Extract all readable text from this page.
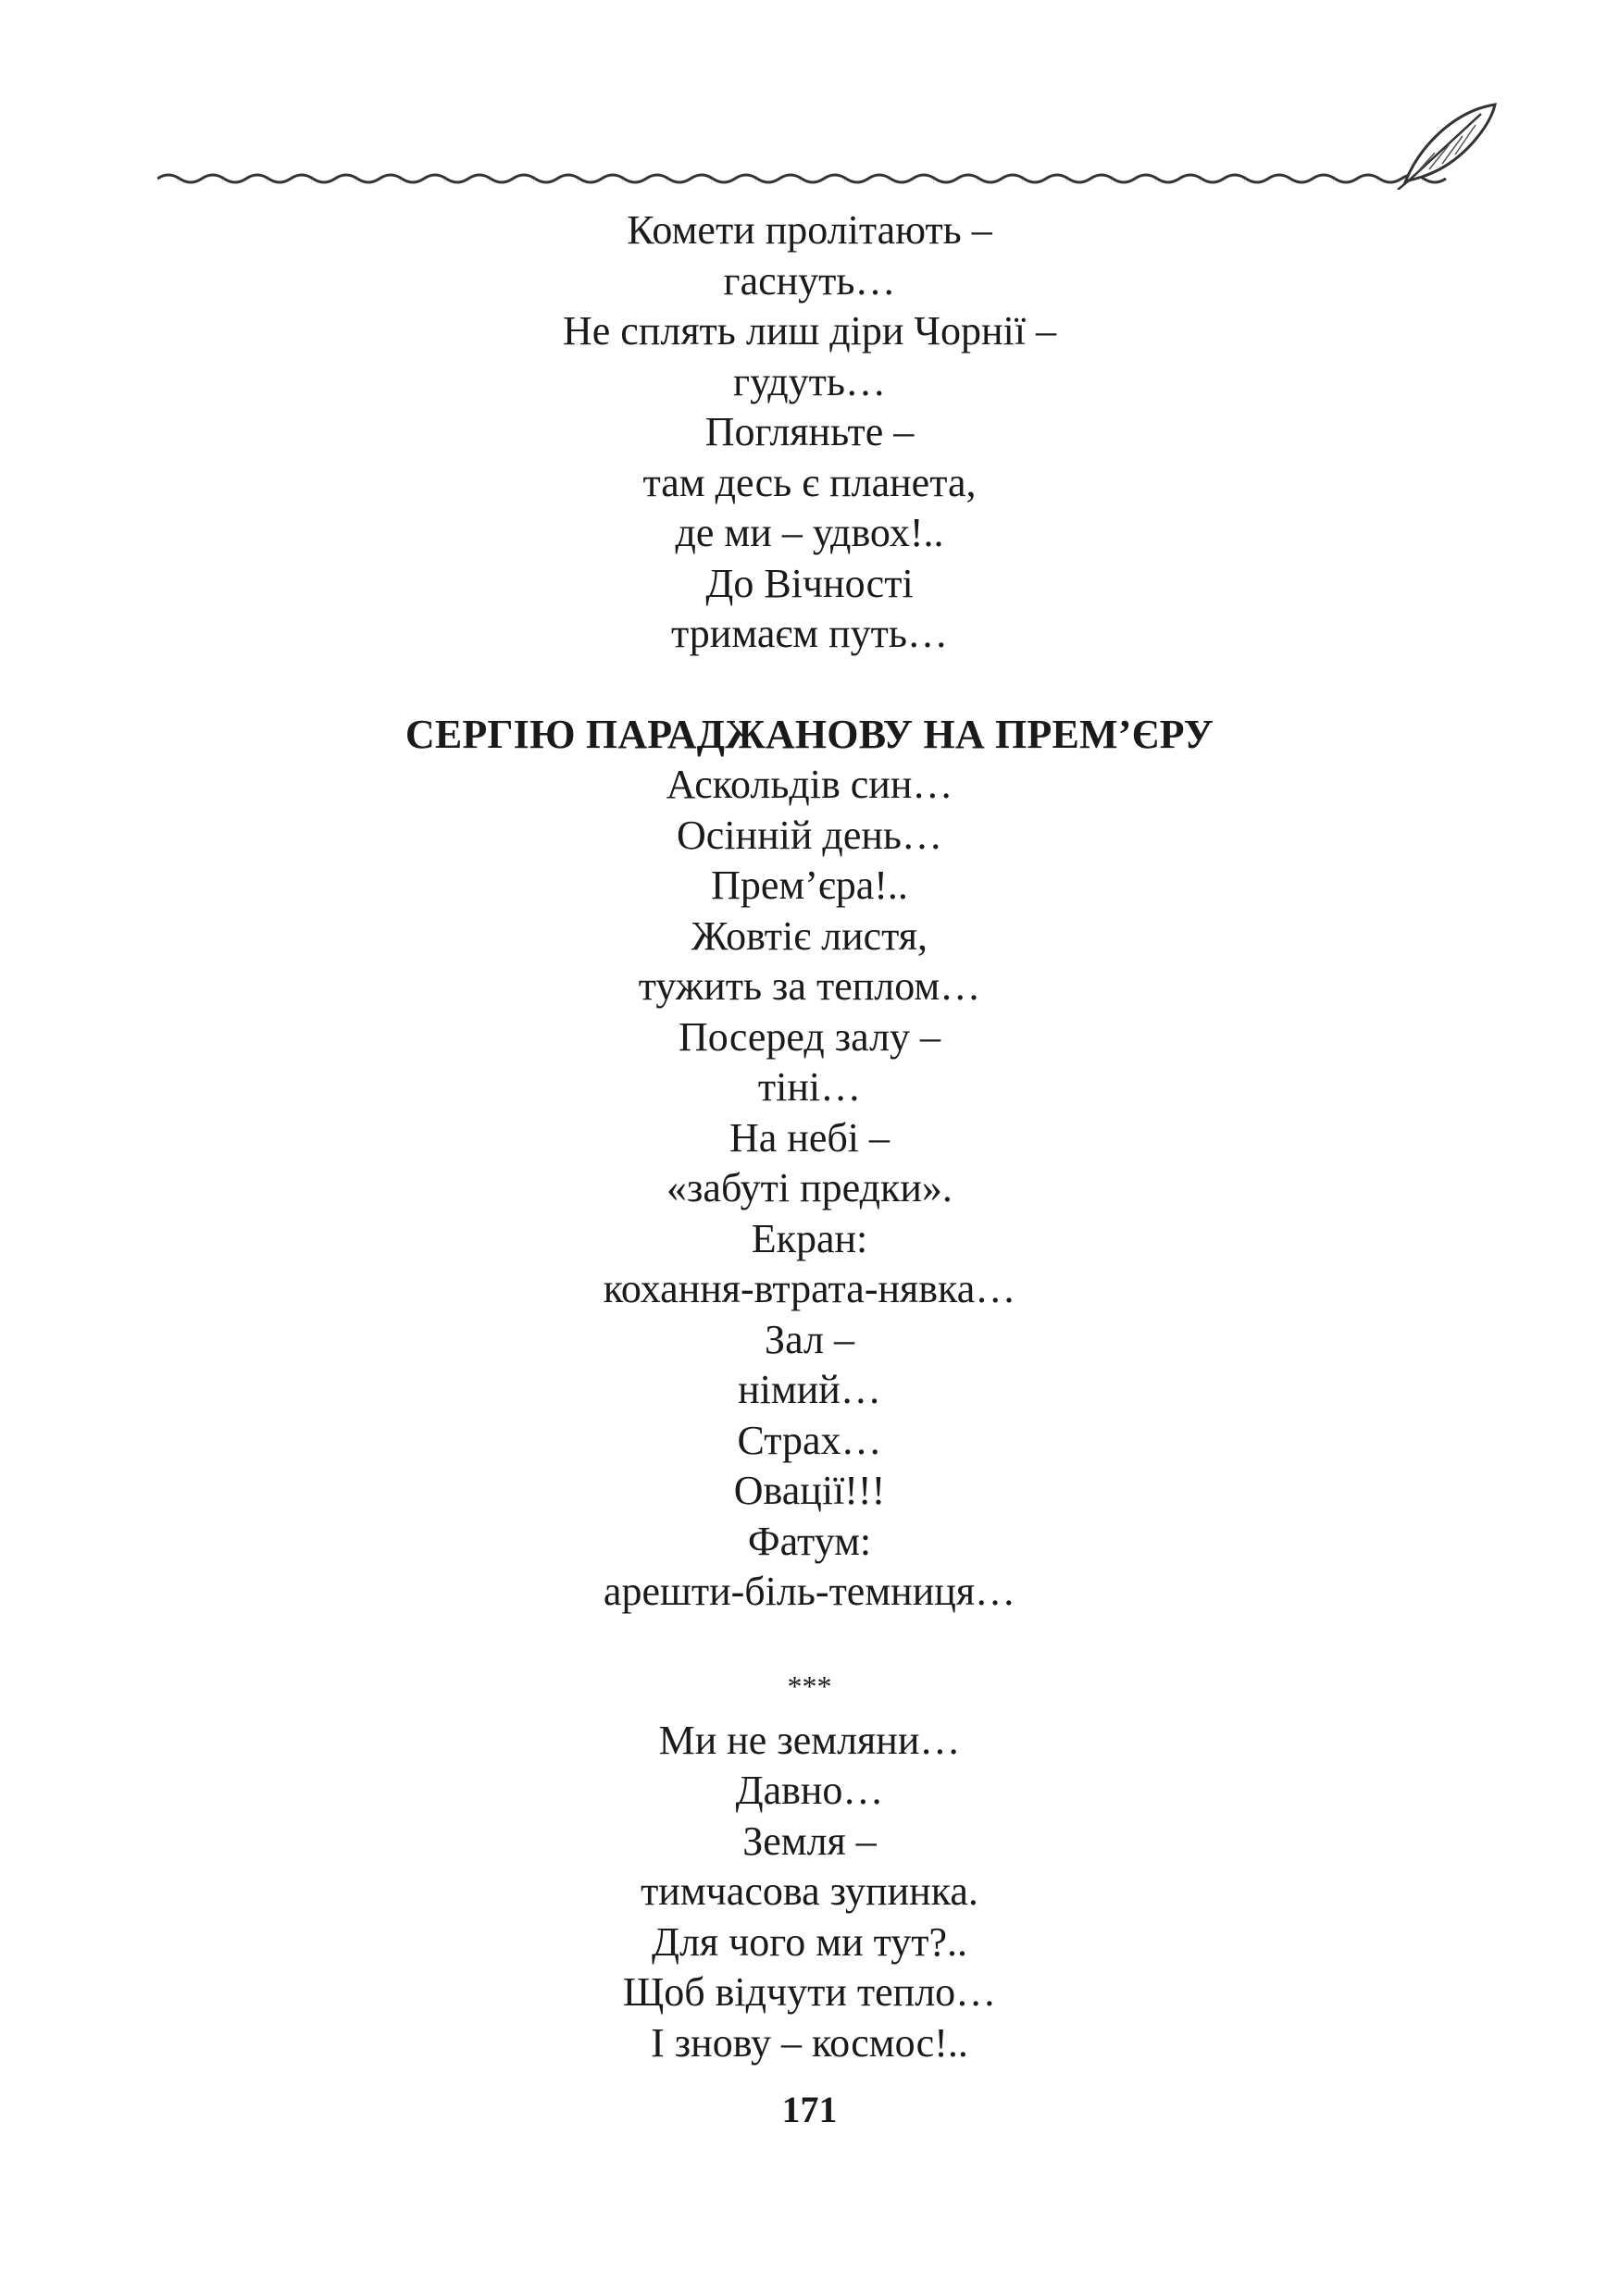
Комети пролітають –
гаснуть…
Не сплять лиш діри Чорнії –
гудуть…
Погляньте –
там десь є планета,
де ми – удвох!..
До Вічності
тримаєм путь…
СЕРГІЮ ПАРАДЖАНОВУ НА ПРЕМ’ЄРУ
Аскольдів син…
Осінній день…
Прем’єра!..
Жовтіє листя,
тужить за теплом…
Посеред залу –
тіні…
На небі –
«забуті предки».
Екран:
кохання-втрата-нявка…
Зал –
німий…
Страх…
Овації!!!
Фатум:
арешти-біль-темниця…
***
Ми не земляни…
Давно…
Земля –
тимчасова зупинка.
Для чого ми тут?..
Щоб відчути тепло…
І знову – космос!..
171
